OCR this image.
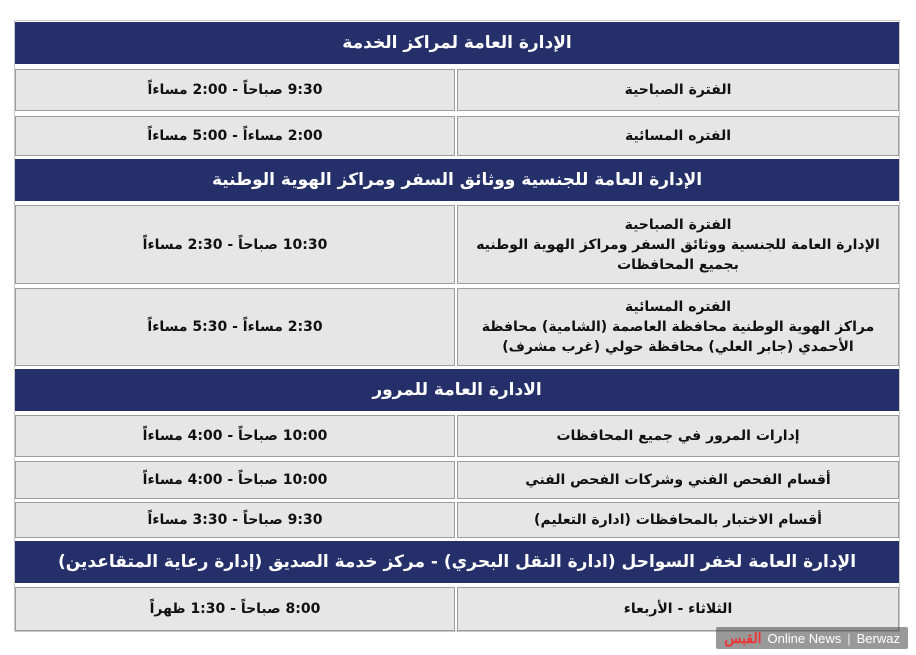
الإدارة العامة لمراكز الخدمة
الفترة الصباحية
9:30 صباحاً - 2:00 مساءاً
الفتره المسائية
2:00 مساءاً - 5:00 مساءاً
الإدارة العامة للجنسية ووثائق السفر ومراكز الهوية الوطنية
الفترة الصباحية
الإدارة العامة للجنسية ووثائق السفر ومراكز الهوية الوطنيه
بجميع المحافظات
10:30 صباحاً - 2:30 مساءاً
الفتره المسائية
مراكز الهوية الوطنية محافظة العاصمة (الشامية) محافظة
الأحمدي (جابر العلي) محافظة حولي (غرب مشرف)
2:30 مساءاً - 5:30 مساءاً
الادارة العامة للمرور
إدارات المرور في جميع المحافظات
10:00 صباحاً - 4:00 مساءاً
أقسام الفحص الفني وشركات الفحص الفني
10:00 صباحاً - 4:00 مساءاً
أقسام الاختبار بالمحافظات (ادارة التعليم)
9:30 صباحاً - 3:30 مساءاً
الإدارة العامة لخفر السواحل (ادارة النقل البحري) - مركز خدمة الصديق (إدارة رعاية المتقاعدين)
الثلاثاء - الأربعاء
8:00 صباحاً - 1:30 ظهراً
القبس Online News | Berwaz
